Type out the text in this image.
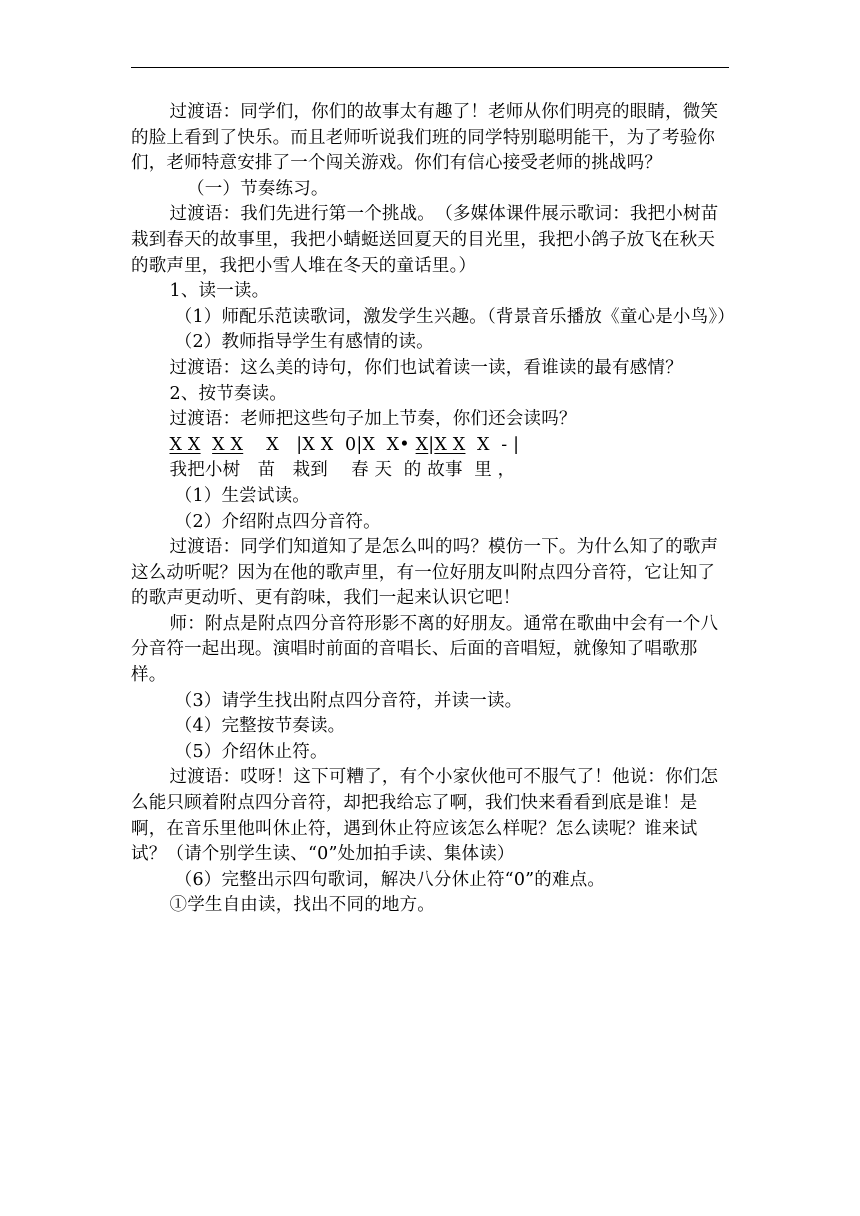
过渡语：同学们，你们的故事太有趣了！老师从你们明亮的眼睛，微笑的脸上看到了快乐。而且老师听说我们班的同学特别聪明能干，为了考验你们，老师特意安排了一个闯关游戏。你们有信心接受老师的挑战吗？

（一）节奏练习。

过渡语：我们先进行第一个挑战。　（多媒体课件展示歌词：我把小树苗栽到春天的故事里，我把小蜻蜓送回夏天的目光里，我把小鸽子放飞在秋天的歌声里，我把小雪人堆在冬天的童话里。）

1、读一读。

（1）师配乐范读歌词，激发学生兴趣。（背景音乐播放《童心是小鸟》）

（2）教师指导学生有感情的读。

过渡语：这么美的诗句，你们也试着读一读，看谁读的最有感情？

2、按节奏读。

过渡语：老师把这些句子加上节奏，你们还会读吗？

X X X X X |X X 0|X X• X|X X X - |
我把小树 苗 栽到 春 天 的 故事 里 ，

（1）生尝试读。

（2）介绍附点四分音符。

过渡语：同学们知道知了是怎么叫的吗？模仿一下。为什么知了的歌声这么动听呢？因为在他的歌声里，有一位好朋友叫附点四分音符，它让知了的歌声更动听、更有韵味，我们一起来认识它吧！

师：附点是附点四分音符形影不离的好朋友。通常在歌曲中会有一个八分音符一起出现。演唱时前面的音唱长、后面的音唱短，就像知了唱歌那样。

（3）请学生找出附点四分音符，并读一读。

（4）完整按节奏读。

（5）介绍休止符。

过渡语：哎呀！这下可糟了，有个小家伙他可不服气了！他说：你们怎么能只顾着附点四分音符，却把我给忘了啊，我们快来看看到底是谁！是啊，在音乐里他叫休止符，遇到休止符应该怎么样呢？怎么读呢？谁来试试？（请个别学生读、“0”处加拍手读、集体读）

（6）完整出示四句歌词，解决八分休止符“0”的难点。

①学生自由读，找出不同的地方。
